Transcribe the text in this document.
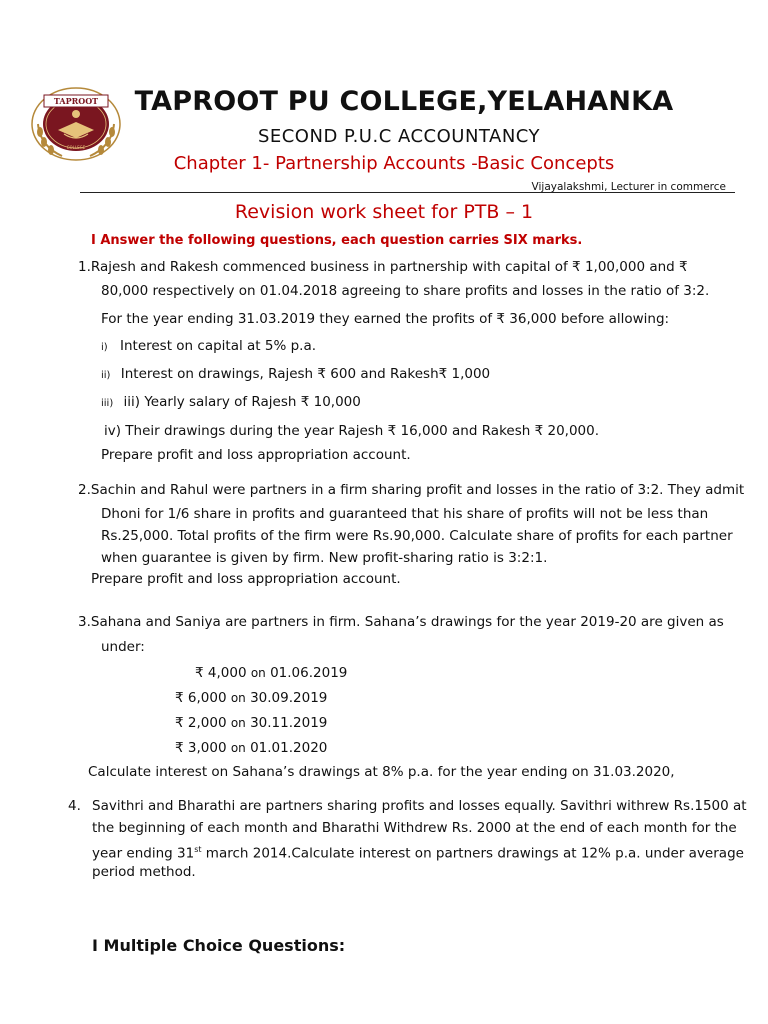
TAPROOT
COLLEGE
TAPROOT PU COLLEGE,YELAHANKA
SECOND P.U.C ACCOUNTANCY
Chapter 1- Partnership Accounts -Basic Concepts
Vijayalakshmi, Lecturer in commerce
Revision work sheet for PTB – 1
I Answer the following questions, each question carries SIX marks.
1.Rajesh and Rakesh commenced business in partnership with capital of ₹ 1,00,000 and ₹
80,000 respectively on 01.04.2018 agreeing to share profits and losses in the ratio of 3:2.
For the year ending 31.03.2019 they earned the profits of ₹ 36,000 before allowing:
i) Interest on capital at 5% p.a.
ii) Interest on drawings, Rajesh ₹ 600 and Rakesh₹ 1,000
iii) iii) Yearly salary of Rajesh ₹ 10,000
iv) Their drawings during the year Rajesh ₹ 16,000 and Rakesh ₹ 20,000.
Prepare profit and loss appropriation account.
2.Sachin and Rahul were partners in a firm sharing profit and losses in the ratio of 3:2. They admit
Dhoni for 1/6 share in profits and guaranteed that his share of profits will not be less than
Rs.25,000. Total profits of the firm were Rs.90,000. Calculate share of profits for each partner
when guarantee is given by firm. New profit-sharing ratio is 3:2:1.
Prepare profit and loss appropriation account.
3.Sahana and Saniya are partners in firm. Sahana’s drawings for the year 2019-20 are given as
under:
₹ 4,000 on 01.06.2019
₹ 6,000 on 30.09.2019
₹ 2,000 on 30.11.2019
₹ 3,000 on 01.01.2020
Calculate interest on Sahana’s drawings at 8% p.a. for the year ending on 31.03.2020,
4. Savithri and Bharathi are partners sharing profits and losses equally. Savithri withrew Rs.1500 at
the beginning of each month and Bharathi Withdrew Rs. 2000 at the end of each month for the
year ending 31st march 2014.Calculate interest on partners drawings at 12% p.a. under average
period method.
I Multiple Choice Questions:
